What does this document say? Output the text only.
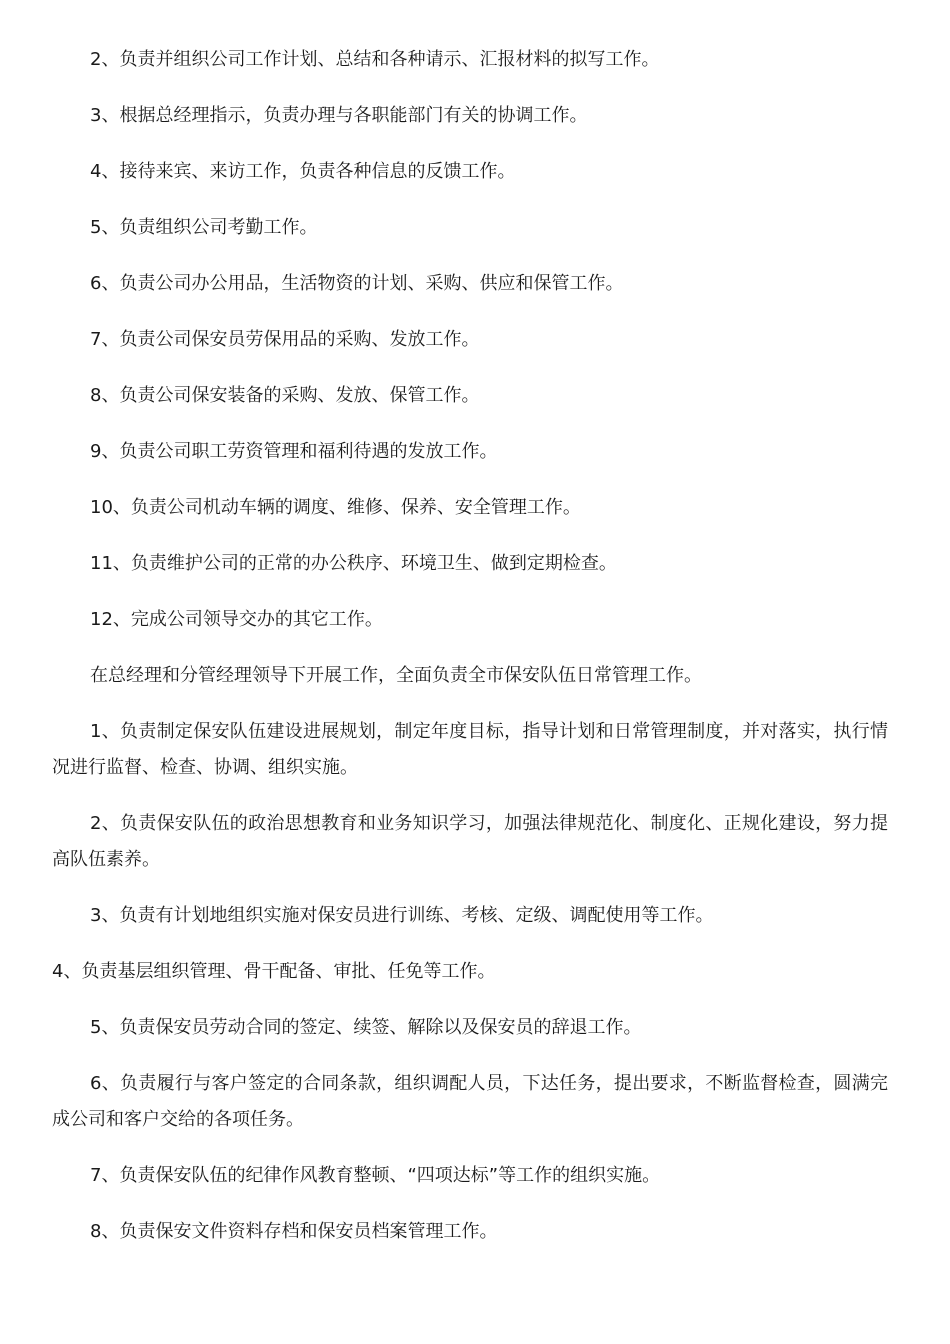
2、负责并组织公司工作计划、总结和各种请示、汇报材料的拟写工作。

3、根据总经理指示，负责办理与各职能部门有关的协调工作。

4、接待来宾、来访工作，负责各种信息的反馈工作。

5、负责组织公司考勤工作。

6、负责公司办公用品，生活物资的计划、采购、供应和保管工作。

7、负责公司保安员劳保用品的采购、发放工作。

8、负责公司保安装备的采购、发放、保管工作。

9、负责公司职工劳资管理和福利待遇的发放工作。

10、负责公司机动车辆的调度、维修、保养、安全管理工作。

11、负责维护公司的正常的办公秩序、环境卫生、做到定期检查。

12、完成公司领导交办的其它工作。

在总经理和分管经理领导下开展工作，全面负责全市保安队伍日常管理工作。

1、负责制定保安队伍建设进展规划，制定年度目标，指导计划和日常管理制度，并对落实，执行情况进行监督、检查、协调、组织实施。

2、负责保安队伍的政治思想教育和业务知识学习，加强法律规范化、制度化、正规化建设，努力提高队伍素养。

3、负责有计划地组织实施对保安员进行训练、考核、定级、调配使用等工作。

4、负责基层组织管理、骨干配备、审批、任免等工作。

5、负责保安员劳动合同的签定、续签、解除以及保安员的辞退工作。

6、负责履行与客户签定的合同条款，组织调配人员，下达任务，提出要求，不断监督检查，圆满完成公司和客户交给的各项任务。

7、负责保安队伍的纪律作风教育整顿、“四项达标”等工作的组织实施。

8、负责保安文件资料存档和保安员档案管理工作。
